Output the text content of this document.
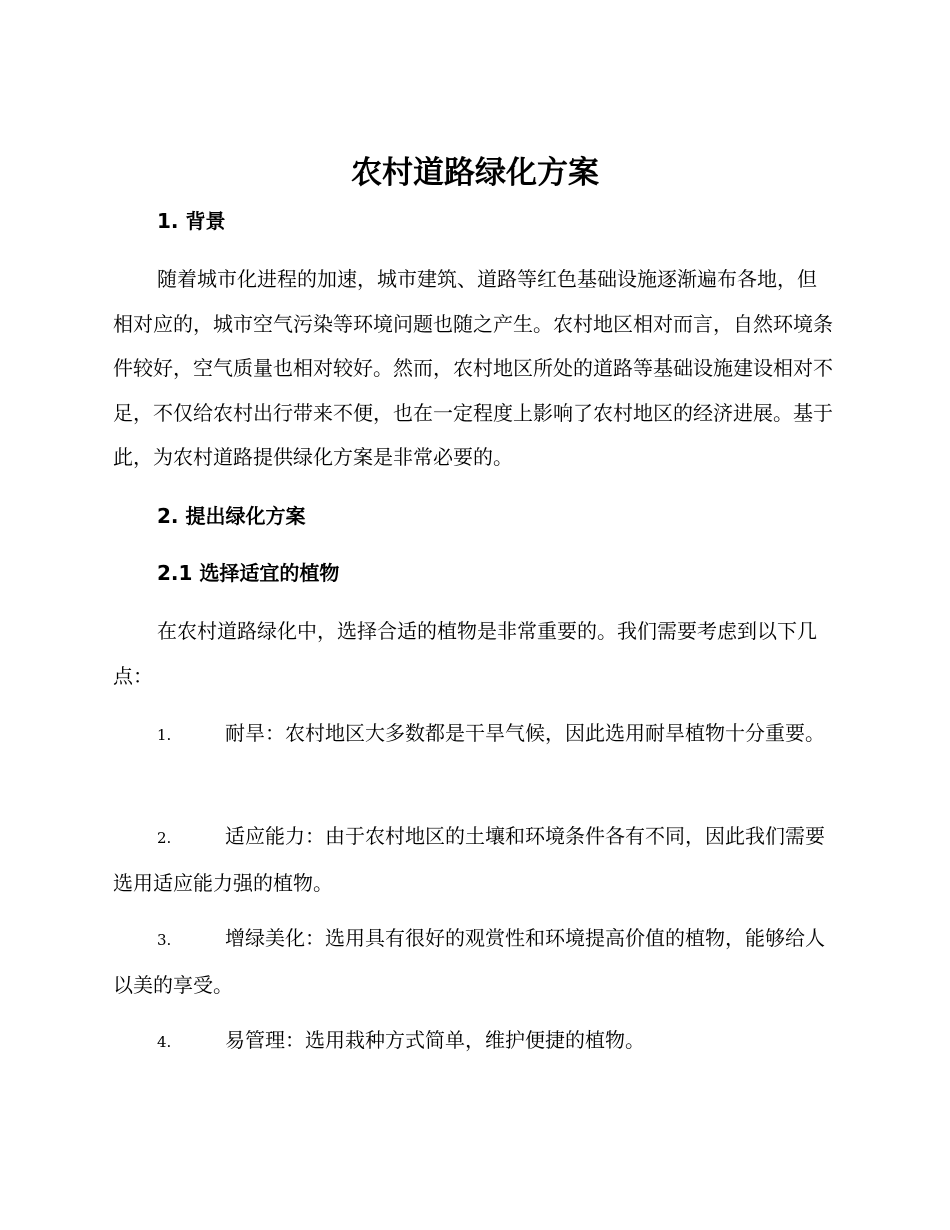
农村道路绿化方案
1. 背景

随着城市化进程的加速，城市建筑、道路等红色基础设施逐渐遍布各地，但相对应的，城市空气污染等环境问题也随之产生。农村地区相对而言，自然环境条件较好，空气质量也相对较好。然而，农村地区所处的道路等基础设施建设相对不足，不仅给农村出行带来不便，也在一定程度上影响了农村地区的经济进展。基于此，为农村道路提供绿化方案是非常必要的。

2. 提出绿化方案
2.1 选择适宜的植物

在农村道路绿化中，选择合适的植物是非常重要的。我们需要考虑到以下几点：

1.	耐旱：农村地区大多数都是干旱气候，因此选用耐旱植物十分重要。
2.	适应能力：由于农村地区的土壤和环境条件各有不同，因此我们需要选用适应能力强的植物。
3.	增绿美化：选用具有很好的观赏性和环境提高价值的植物，能够给人以美的享受。
4.	易管理：选用栽种方式简单，维护便捷的植物。
